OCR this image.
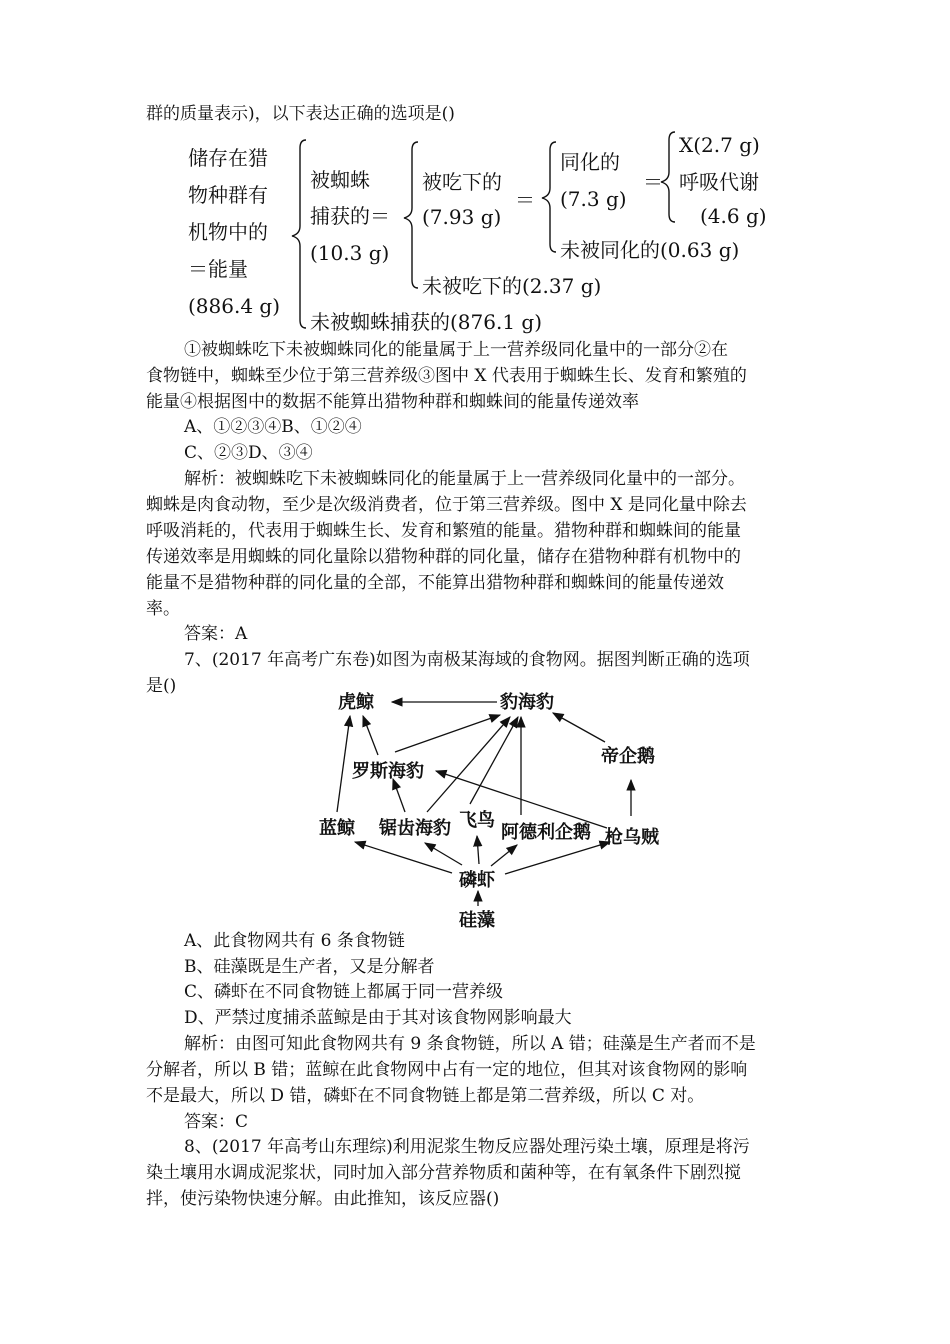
群的质量表示)，以下表达正确的选项是()
储存在猎
物种群有
机物中的
＝能量
(886.4 g)
被蜘蛛
捕获的＝
(10.3 g)
被吃下的
(7.93 g)
＝
同化的
(7.3 g)
＝
X(2.7 g)
呼吸代谢
(4.6 g)
未被同化的(0.63 g)
未被吃下的(2.37 g)
未被蜘蛛捕获的(876.1 g)
①被蜘蛛吃下未被蜘蛛同化的能量属于上一营养级同化量中的一部分②在
食物链中，蜘蛛至少位于第三营养级③图中 X 代表用于蜘蛛生长、发育和繁殖的
能量④根据图中的数据不能算出猎物种群和蜘蛛间的能量传递效率
A、①②③④B、①②④
C、②③D、③④
解析：被蜘蛛吃下未被蜘蛛同化的能量属于上一营养级同化量中的一部分。
蜘蛛是肉食动物，至少是次级消费者，位于第三营养级。图中 X 是同化量中除去
呼吸消耗的，代表用于蜘蛛生长、发育和繁殖的能量。猎物种群和蜘蛛间的能量
传递效率是用蜘蛛的同化量除以猎物种群的同化量，储存在猎物种群有机物中的
能量不是猎物种群的同化量的全部，不能算出猎物种群和蜘蛛间的能量传递效
率。
答案：A
7、(2017 年高考广东卷)如图为南极某海域的食物网。据图判断正确的选项
是()
虎鲸	豹海豹
帝企鹅
罗斯海豹
蓝鲸 锯齿海豹 飞鸟
阿德利企鹅 枪乌贼
磷虾
硅藻
A、此食物网共有 6 条食物链
B、硅藻既是生产者，又是分解者
C、磷虾在不同食物链上都属于同一营养级
D、严禁过度捕杀蓝鲸是由于其对该食物网影响最大
解析：由图可知此食物网共有 9 条食物链，所以 A 错；硅藻是生产者而不是
分解者，所以 B 错；蓝鲸在此食物网中占有一定的地位，但其对该食物网的影响
不是最大，所以 D 错，磷虾在不同食物链上都是第二营养级，所以 C 对。
答案：C
8、(2017 年高考山东理综)利用泥浆生物反应器处理污染土壤，原理是将污
染土壤用水调成泥浆状，同时加入部分营养物质和菌种等，在有氧条件下剧烈搅
拌，使污染物快速分解。由此推知，该反应器()
